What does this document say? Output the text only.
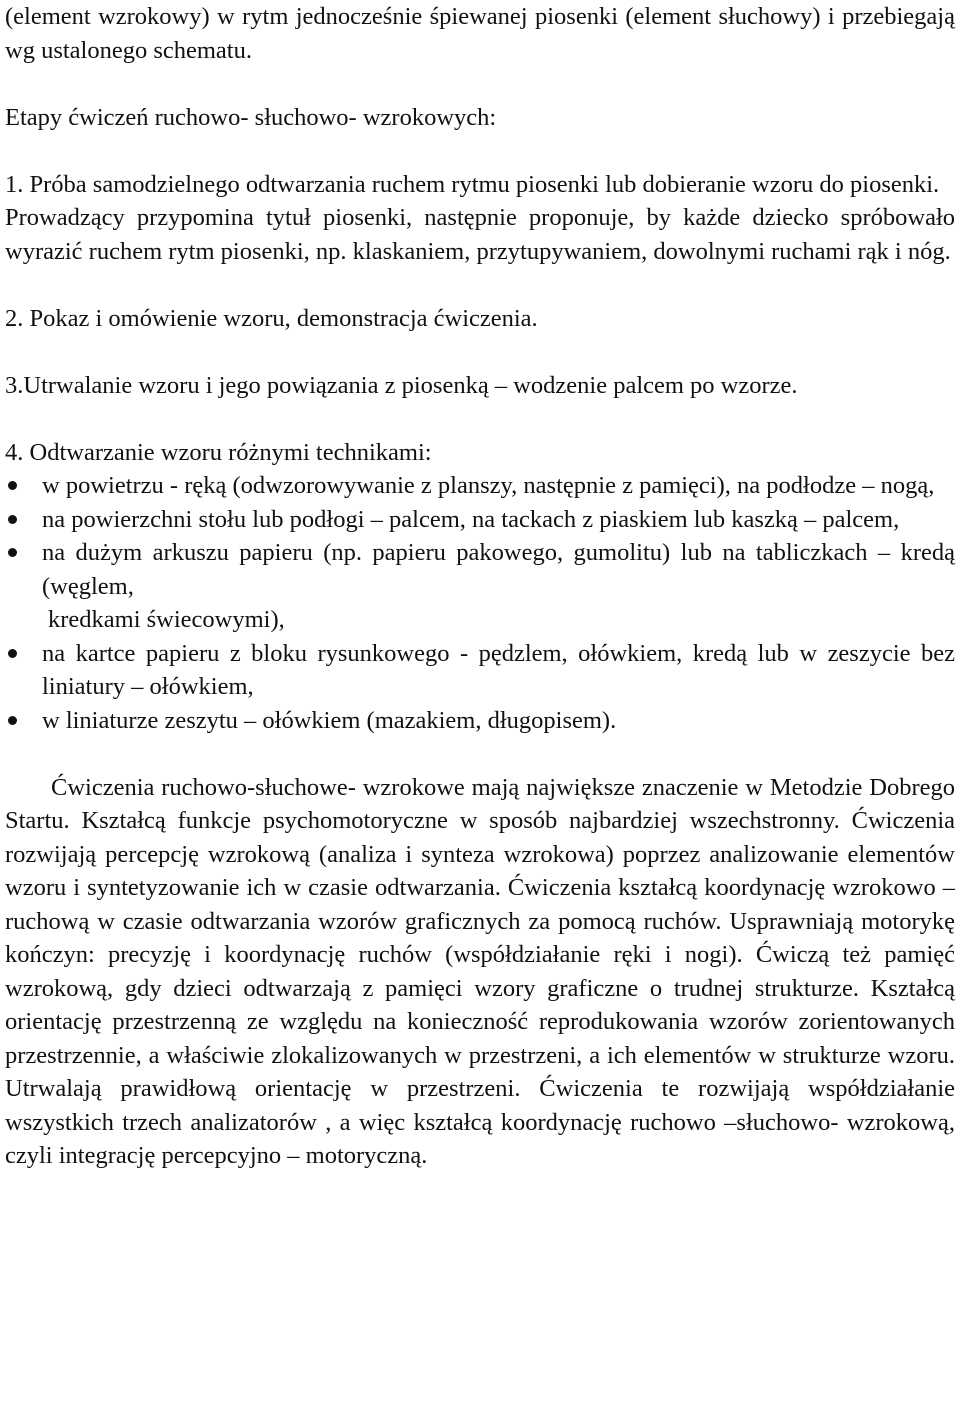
(element wzrokowy) w rytm jednocześnie śpiewanej piosenki (element słuchowy) i przebiegają wg ustalonego schematu.

Etapy ćwiczeń ruchowo- słuchowo- wzrokowych:

1. Próba samodzielnego odtwarzania ruchem rytmu piosenki lub dobieranie wzoru do piosenki.

Prowadzący przypomina tytuł piosenki, następnie proponuje, by każde dziecko spróbowało wyrazić ruchem rytm piosenki, np. klaskaniem, przytupywaniem, dowolnymi ruchami rąk i nóg.

2. Pokaz i omówienie wzoru, demonstracja ćwiczenia.

3.Utrwalanie wzoru i jego powiązania z piosenką – wodzenie palcem po wzorze.

4. Odtwarzanie wzoru różnymi technikami:

w powietrzu - ręką (odwzorowywanie z planszy, następnie z pamięci), na podłodze – nogą,
na powierzchni stołu lub podłogi – palcem, na tackach z piaskiem lub kaszką – palcem,
na dużym arkuszu papieru (np. papieru pakowego, gumolitu) lub na tabliczkach – kredą (węglem,
kredkami świecowymi),
na kartce papieru z bloku rysunkowego - pędzlem, ołówkiem, kredą lub w zeszycie bez liniatury – ołówkiem,
w liniaturze zeszytu – ołówkiem (mazakiem, długopisem).

Ćwiczenia ruchowo-słuchowe- wzrokowe mają największe znaczenie w Metodzie Dobrego Startu. Kształcą funkcje psychomotoryczne w sposób najbardziej wszechstronny. Ćwiczenia rozwijają percepcję wzrokową (analiza i synteza wzrokowa) poprzez analizowanie elementów wzoru i syntetyzowanie ich w czasie odtwarzania. Ćwiczenia kształcą koordynację wzrokowo –ruchową w czasie odtwarzania wzorów graficznych za pomocą ruchów. Usprawniają motorykę kończyn: precyzję i koordynację ruchów (współdziałanie ręki i nogi). Ćwiczą też pamięć wzrokową, gdy dzieci odtwarzają z pamięci wzory graficzne o trudnej strukturze. Kształcą orientację przestrzenną ze względu na konieczność reprodukowania wzorów zorientowanych przestrzennie, a właściwie zlokalizowanych w przestrzeni, a ich elementów w strukturze wzoru. Utrwalają prawidłową orientację w przestrzeni. Ćwiczenia te rozwijają współdziałanie wszystkich trzech analizatorów , a więc kształcą koordynację ruchowo –słuchowo- wzrokową, czyli integrację percepcyjno – motoryczną.
